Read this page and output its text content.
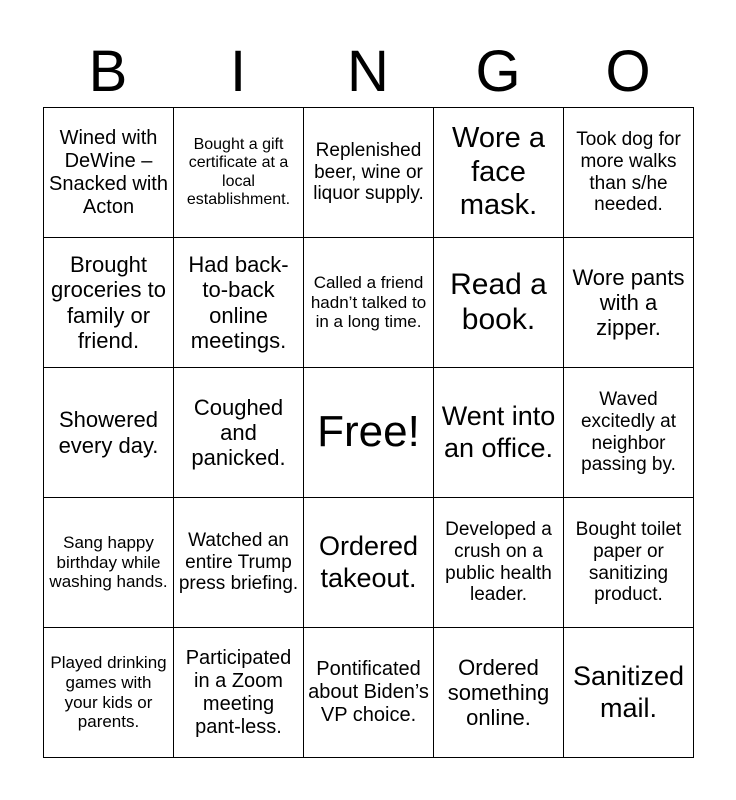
B	I	N	G	O
Wined with DeWine – Snacked with Acton	Bought a gift certificate at a local establishment.	Replenished beer, wine or liquor supply.	Wore a face mask.	Took dog for more walks than s/he needed.
Brought groceries to family or friend.	Had back-to-back online meetings.	Called a friend hadn’t talked to in a long time.	Read a book.	Wore pants with a zipper.
Showered every day.	Coughed and panicked.	Free!	Went into an office.	Waved excitedly at neighbor passing by.
Sang happy birthday while washing hands.	Watched an entire Trump press briefing.	Ordered takeout.	Developed a crush on a public health leader.	Bought toilet paper or sanitizing product.
Played drinking games with your kids or parents.	Participated in a Zoom meeting pant-less.	Pontificated about Biden’s VP choice.	Ordered something online.	Sanitized mail.
